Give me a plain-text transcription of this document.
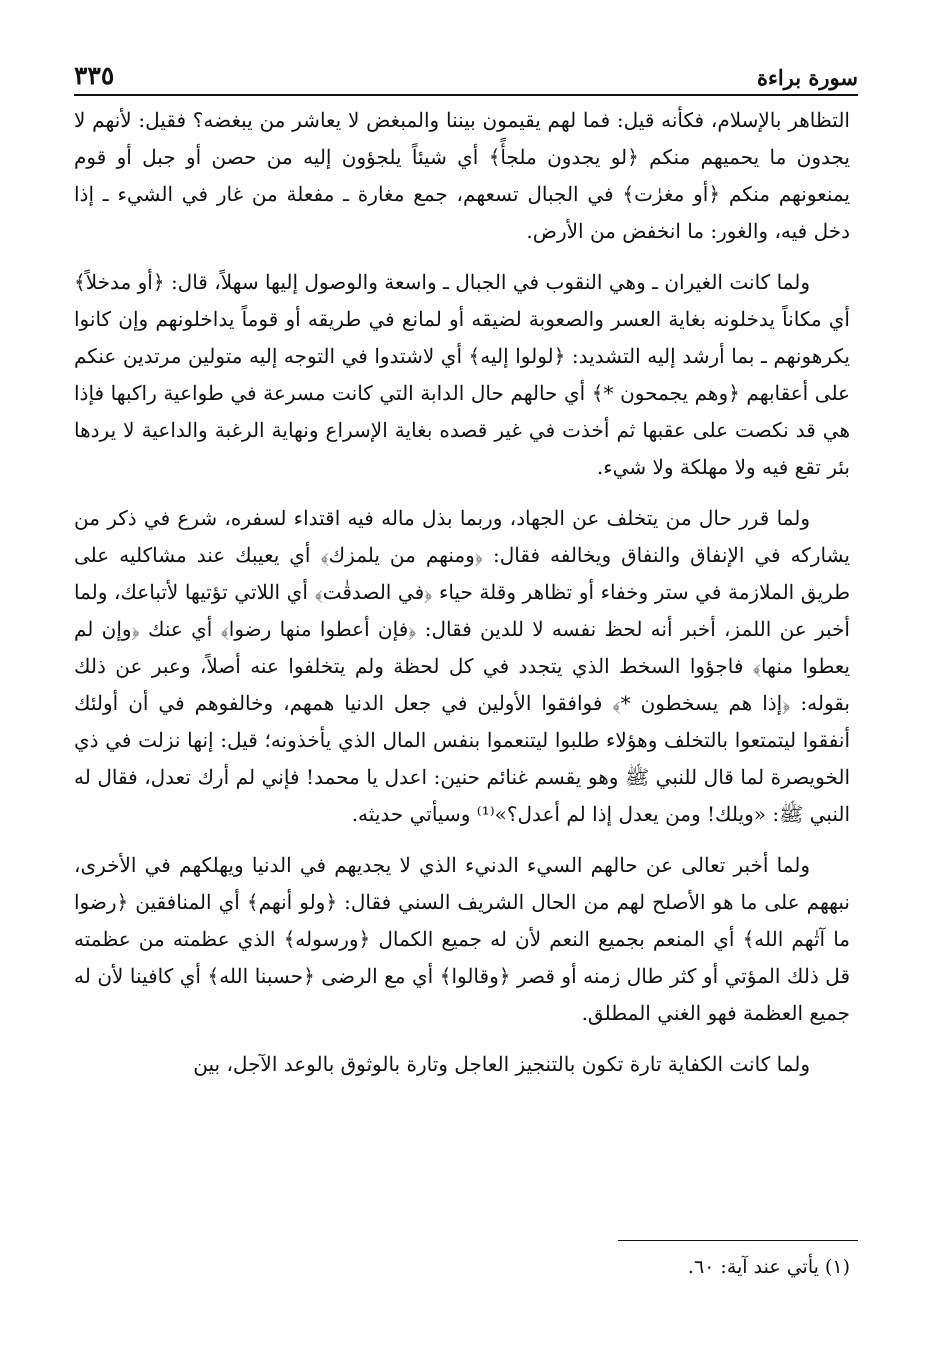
سورة براءة
٣٣٥

التظاهر بالإسلام، فكأنه قيل: فما لهم يقيمون بيننا والمبغض لا يعاشر من يبغضه؟ فقيل: لأنهم لا يجدون ما يحميهم منكم ﴿لو يجدون ملجأً﴾ أي شيئاً يلجؤون إليه من حصن أو جبل أو قوم يمنعونهم منكم ﴿أو مغرٰت﴾ في الجبال تسعهم، جمع مغارة ـ مفعلة من غار في الشيء ـ إذا دخل فيه، والغور: ما انخفض من الأرض.

ولما كانت الغيران ـ وهي النقوب في الجبال ـ واسعة والوصول إليها سهلاً، قال: ﴿أو مدخلاً﴾ أي مكاناً يدخلونه بغاية العسر والصعوبة لضيقه أو لمانع في طريقه أو قوماً يداخلونهم وإن كانوا يكرهونهم ـ بما أرشد إليه التشديد: ﴿لولوا إليه﴾ أي لاشتدوا في التوجه إليه متولين مرتدين عنكم على أعقابهم ﴿وهم يجمحون *﴾ أي حالهم حال الدابة التي كانت مسرعة في طواعية راكبها فإذا هي قد نكصت على عقبها ثم أخذت في غير قصده بغاية الإسراع ونهاية الرغبة والداعية لا يردها بئر تقع فيه ولا مهلكة ولا شيء.

ولما قرر حال من يتخلف عن الجهاد، وربما بذل ماله فيه اقتداء لسفره، شرع في ذكر من يشاركه في الإنفاق والنفاق ويخالفه فقال: ﴿ومنهم من يلمزك﴾ أي يعيبك عند مشاكليه على طريق الملازمة في ستر وخفاء أو تظاهر وقلة حياء ﴿في الصدقٰت﴾ أي اللاتي تؤتيها لأتباعك، ولما أخبر عن اللمز، أخبر أنه لحظ نفسه لا للدين فقال: ﴿فإن أعطوا منها رضوا﴾ أي عنك ﴿وإن لم يعطوا منها﴾ فاجؤوا السخط الذي يتجدد في كل لحظة ولم يتخلفوا عنه أصلاً، وعبر عن ذلك بقوله: ﴿إذا هم يسخطون *﴾ فوافقوا الأولين في جعل الدنيا همهم، وخالفوهم في أن أولئك أنفقوا ليتمتعوا بالتخلف وهؤلاء طلبوا ليتنعموا بنفس المال الذي يأخذونه؛ قيل: إنها نزلت في ذي الخويصرة لما قال للنبي ﷺ وهو يقسم غنائم حنين: اعدل يا محمد! فإني لم أرك تعدل، فقال له النبي ﷺ: «ويلك! ومن يعدل إذا لم أعدل؟»⁽¹⁾ وسيأتي حديثه.

ولما أخبر تعالى عن حالهم السيء الدنيء الذي لا يجديهم في الدنيا ويهلكهم في الأخرى، نبههم على ما هو الأصلح لهم من الحال الشريف السني فقال: ﴿ولو أنهم﴾ أي المنافقين ﴿رضوا ما آتٰهم الله﴾ أي المنعم بجميع النعم لأن له جميع الكمال ﴿ورسوله﴾ الذي عظمته من عظمته قل ذلك المؤتي أو كثر طال زمنه أو قصر ﴿وقالوا﴾ أي مع الرضى ﴿حسبنا الله﴾ أي كافينا لأن له جميع العظمة فهو الغني المطلق.

ولما كانت الكفاية تارة تكون بالتنجيز العاجل وتارة بالوثوق بالوعد الآجل، بين

(١) يأتي عند آية: ٦٠.
